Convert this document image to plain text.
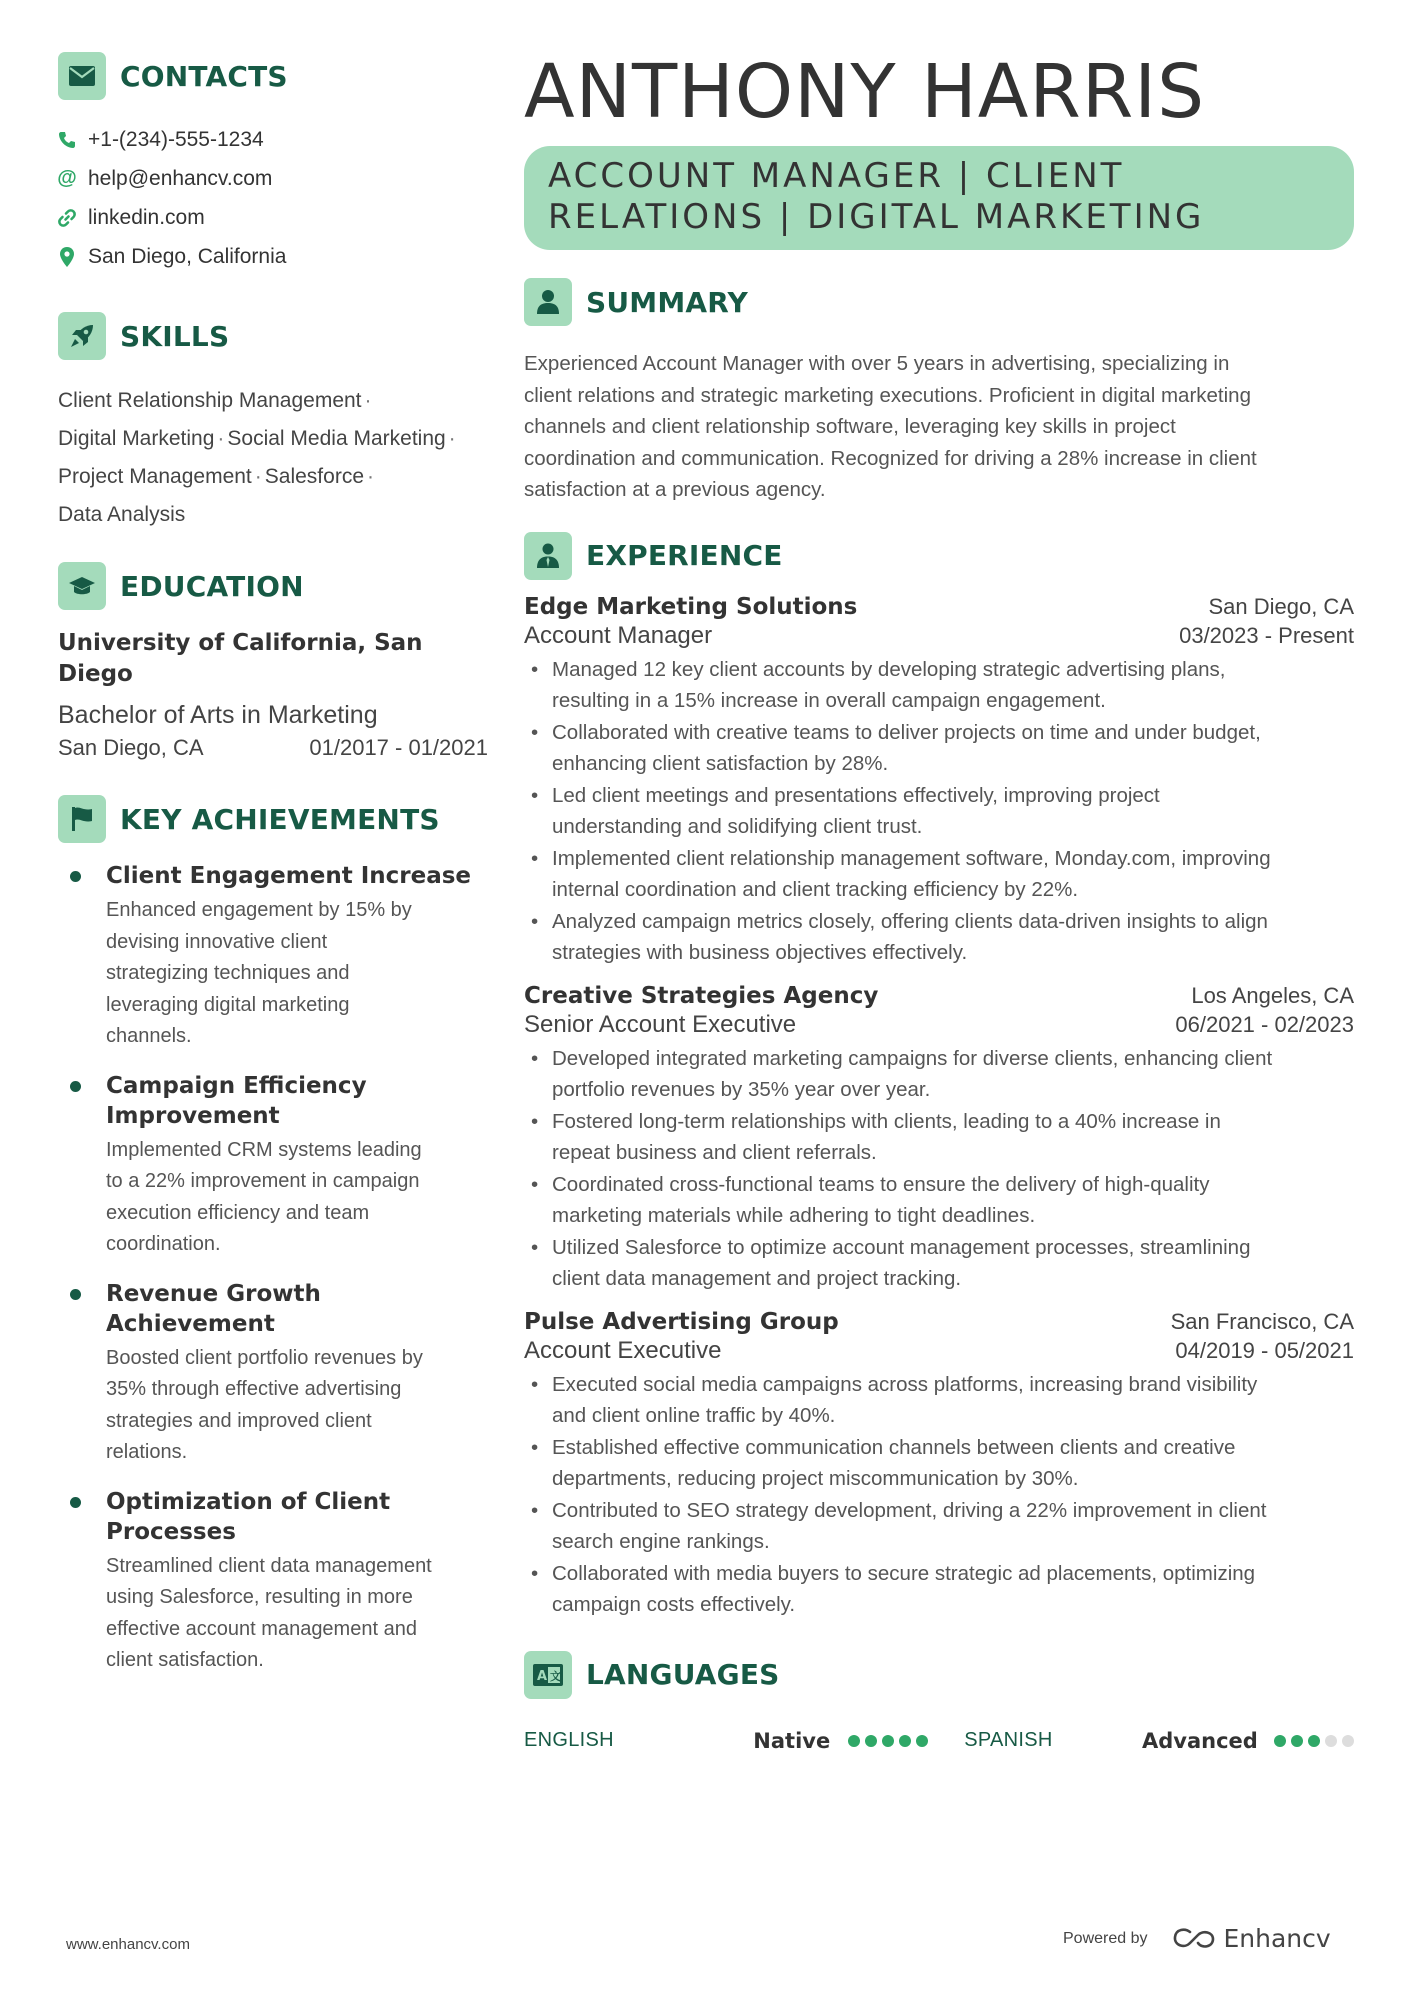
CONTACTS
+1-(234)-555-1234
@ help@enhancv.com
linkedin.com
San Diego, California
SKILLS
Client Relationship Management ·
Digital Marketing · Social Media Marketing ·
Project Management · Salesforce ·
Data Analysis
EDUCATION
University of California, San
Diego
Bachelor of Arts in Marketing
San Diego, CA	01/2017 - 01/2021
KEY ACHIEVEMENTS
Client Engagement Increase
Enhanced engagement by 15% by
devising innovative client
strategizing techniques and
leveraging digital marketing
channels.
Campaign Efficiency
Improvement
Implemented CRM systems leading
to a 22% improvement in campaign
execution efficiency and team
coordination.
Revenue Growth
Achievement
Boosted client portfolio revenues by
35% through effective advertising
strategies and improved client
relations.
Optimization of Client
Processes
Streamlined client data management
using Salesforce, resulting in more
effective account management and
client satisfaction.
ANTHONY HARRIS
ACCOUNT MANAGER | CLIENT
RELATIONS | DIGITAL MARKETING
SUMMARY
Experienced Account Manager with over 5 years in advertising, specializing in
client relations and strategic marketing executions. Proficient in digital marketing
channels and client relationship software, leveraging key skills in project
coordination and communication. Recognized for driving a 28% increase in client
satisfaction at a previous agency.
EXPERIENCE
Edge Marketing Solutions	San Diego, CA
Account Manager	03/2023 - Present
• Managed 12 key client accounts by developing strategic advertising plans,
resulting in a 15% increase in overall campaign engagement.
• Collaborated with creative teams to deliver projects on time and under budget,
enhancing client satisfaction by 28%.
• Led client meetings and presentations effectively, improving project
understanding and solidifying client trust.
• Implemented client relationship management software, Monday.com, improving
internal coordination and client tracking efficiency by 22%.
• Analyzed campaign metrics closely, offering clients data-driven insights to align
strategies with business objectives effectively.
Creative Strategies Agency	Los Angeles, CA
Senior Account Executive	06/2021 - 02/2023
• Developed integrated marketing campaigns for diverse clients, enhancing client
portfolio revenues by 35% year over year.
• Fostered long-term relationships with clients, leading to a 40% increase in
repeat business and client referrals.
• Coordinated cross-functional teams to ensure the delivery of high-quality
marketing materials while adhering to tight deadlines.
• Utilized Salesforce to optimize account management processes, streamlining
client data management and project tracking.
Pulse Advertising Group	San Francisco, CA
Account Executive	04/2019 - 05/2021
• Executed social media campaigns across platforms, increasing brand visibility
and client online traffic by 40%.
• Established effective communication channels between clients and creative
departments, reducing project miscommunication by 30%.
• Contributed to SEO strategy development, driving a 22% improvement in client
search engine rankings.
• Collaborated with media buyers to secure strategic ad placements, optimizing
campaign costs effectively.
A 文 LANGUAGES
ENGLISH	Native	SPANISH	Advanced
www.enhancv.com	Powered by	Enhancv
